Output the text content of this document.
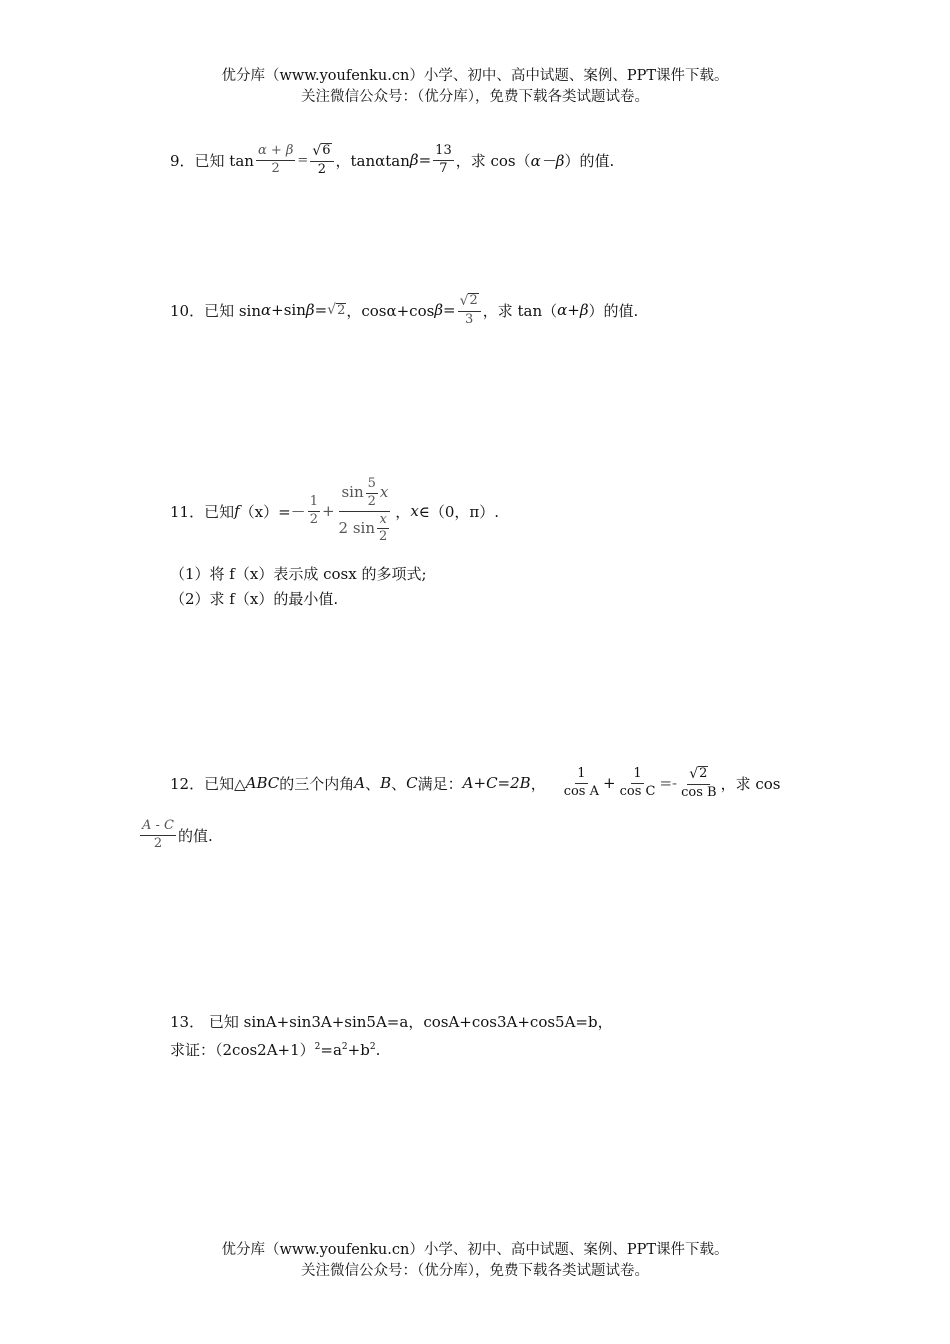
优分库（www.youfenku.cn）小学、初中、高中试题、案例、PPT课件下载。
关注微信公众号：（优分库），免费下载各类试题试卷。
9．已知 $\tan \frac{\alpha + \beta}{2} = \frac{√ 6}{2}$ ，tanαtan $\beta = \frac{13}{7}$ ，求 cos（ α－β ）的值.
10．已知 sin α +sin β = √ 2 ，cosα+cos $\beta = \frac{√ 2}{3}$ ，求 tan（ α+β ）的值.
11．已知 f $(x)=- \frac{1}{2} + \frac{\sin \frac{5}{2} x}{2 \sin \frac{x}{2}}$ ， x ∈（0，π）.
（1）将 f（x）表示成 cosx 的多项式;
（2）求 f（x）的最小值.
12．已知△ ABC 的三个内角 A 、 B 、 C 满足： A+C=2B ， $\frac{1}{\text{cos A}} + \frac{1}{\text{cos C}} =- \frac{√ 2}{\text{cos B}}$ ，求 cos
$\frac{A - C}{2}$ 的值.
13． 已知 sinA+sin3A+sin5A=a，cosA+cos3A+cos5A=b，
求证：$(2\cos 2A+1)^2=a^2+b^2$.
优分库（www.youfenku.cn）小学、初中、高中试题、案例、PPT课件下载。
关注微信公众号：（优分库），免费下载各类试题试卷。
